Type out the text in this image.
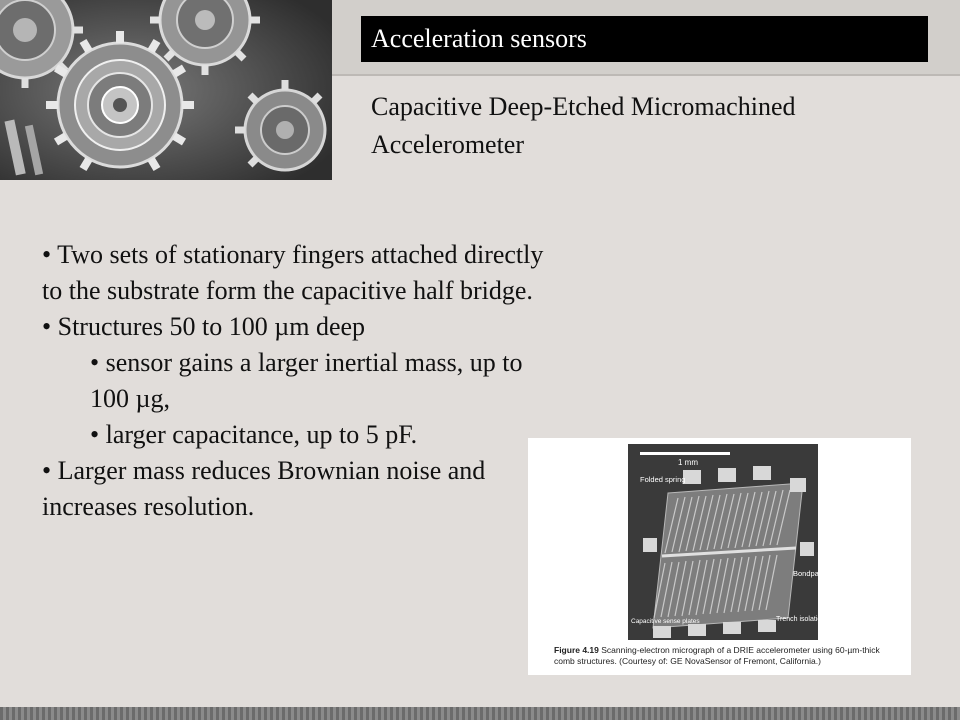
Acceleration sensors
Capacitive Deep-Etched Micromachined Accelerometer

• Two sets of stationary fingers attached directly to the substrate form the capacitive half bridge.

• Structures 50 to 100 µm deep

• sensor gains a larger inertial mass, up to 100 µg,

• larger capacitance, up to 5 pF.

• Larger mass reduces Brownian noise and increases resolution.

1 mm
Folded spring
Bondpad
Capacitive sense plates	Trench isolation
Figure 4.19 Scanning-electron micrograph of a DRIE accelerometer using 60-µm-thick comb structures. (Courtesy of: GE NovaSensor of Fremont, California.)
